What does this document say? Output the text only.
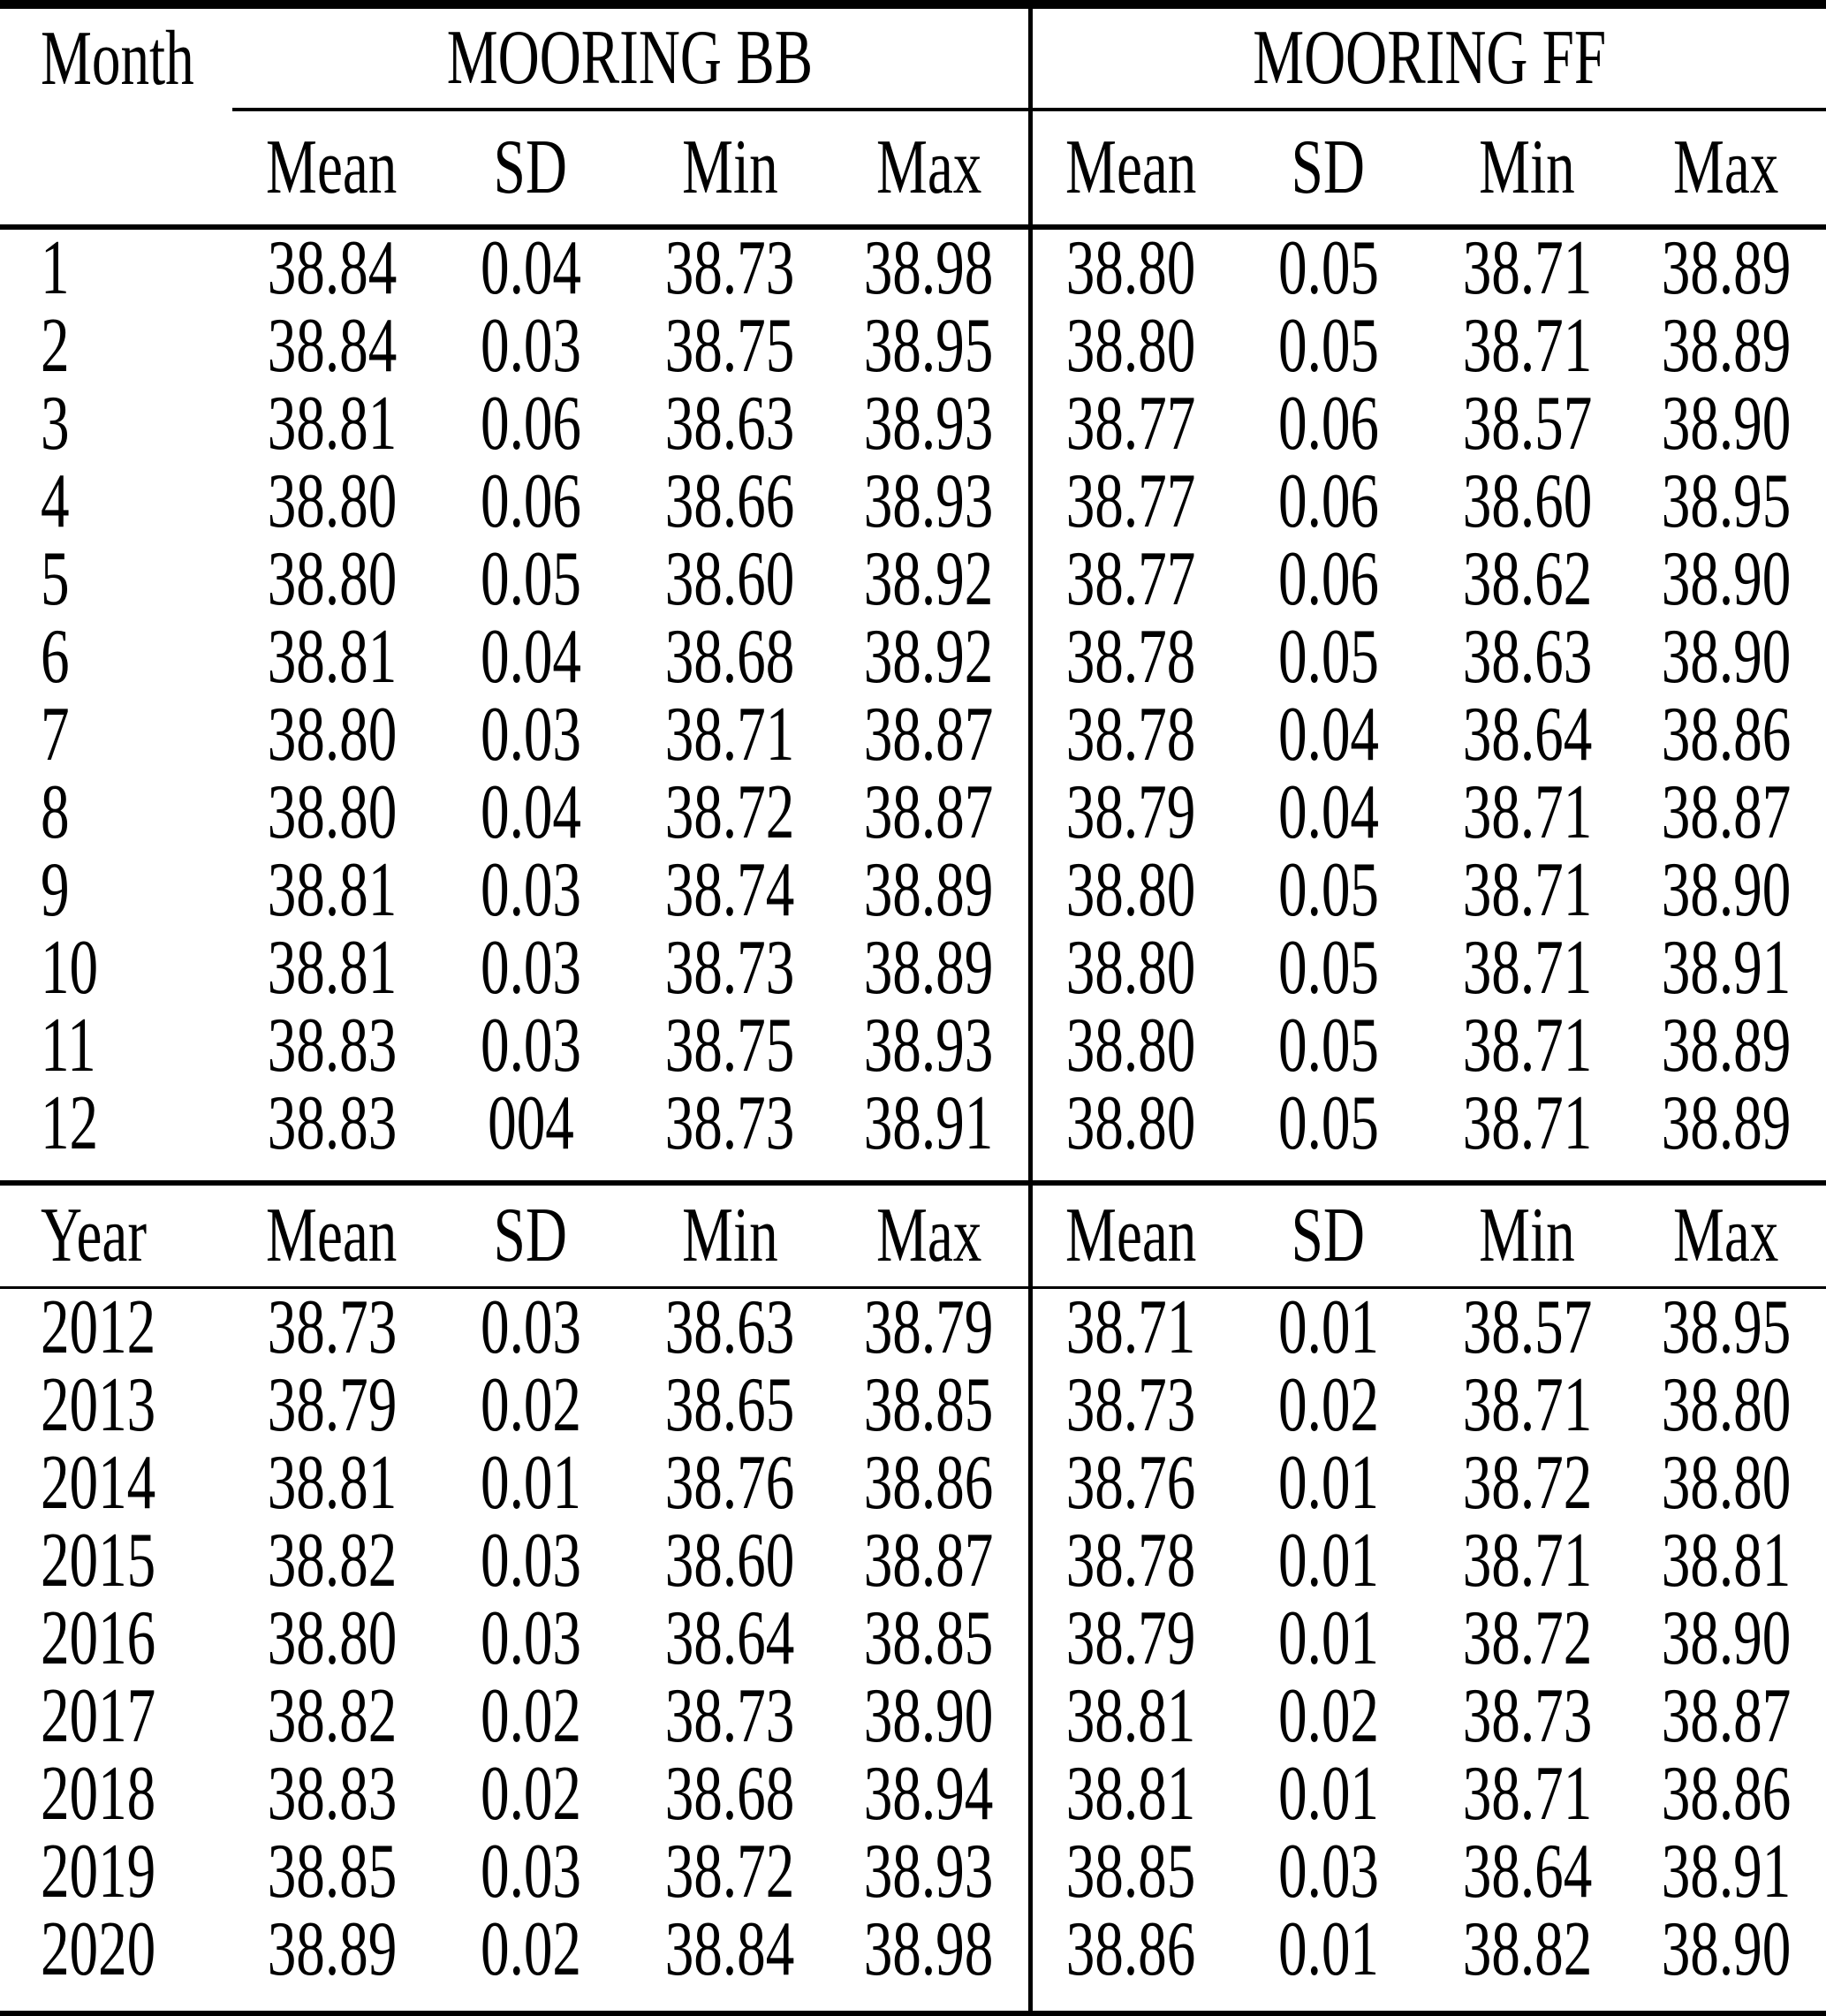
Month	MOORING BB				MOORING FF			
	Mean	SD	Min	Max	Mean	SD	Min	Max
1	38.84	0.04	38.73	38.98	38.80	0.05	38.71	38.89
2	38.84	0.03	38.75	38.95	38.80	0.05	38.71	38.89
3	38.81	0.06	38.63	38.93	38.77	0.06	38.57	38.90
4	38.80	0.06	38.66	38.93	38.77	0.06	38.60	38.95
5	38.80	0.05	38.60	38.92	38.77	0.06	38.62	38.90
6	38.81	0.04	38.68	38.92	38.78	0.05	38.63	38.90
7	38.80	0.03	38.71	38.87	38.78	0.04	38.64	38.86
8	38.80	0.04	38.72	38.87	38.79	0.04	38.71	38.87
9	38.81	0.03	38.74	38.89	38.80	0.05	38.71	38.90
10	38.81	0.03	38.73	38.89	38.80	0.05	38.71	38.91
11	38.83	0.03	38.75	38.93	38.80	0.05	38.71	38.89
12	38.83	004	38.73	38.91	38.80	0.05	38.71	38.89
Year	Mean	SD	Min	Max	Mean	SD	Min	Max
2012	38.73	0.03	38.63	38.79	38.71	0.01	38.57	38.95
2013	38.79	0.02	38.65	38.85	38.73	0.02	38.71	38.80
2014	38.81	0.01	38.76	38.86	38.76	0.01	38.72	38.80
2015	38.82	0.03	38.60	38.87	38.78	0.01	38.71	38.81
2016	38.80	0.03	38.64	38.85	38.79	0.01	38.72	38.90
2017	38.82	0.02	38.73	38.90	38.81	0.02	38.73	38.87
2018	38.83	0.02	38.68	38.94	38.81	0.01	38.71	38.86
2019	38.85	0.03	38.72	38.93	38.85	0.03	38.64	38.91
2020	38.89	0.02	38.84	38.98	38.86	0.01	38.82	38.90
